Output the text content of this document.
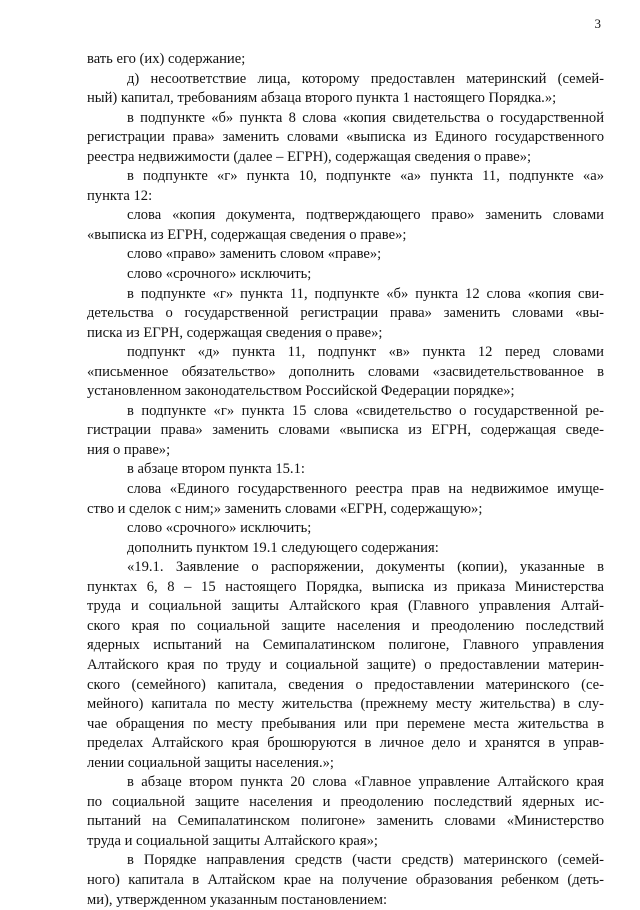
3
вать его (их) содержание;
д) несоответствие лица, которому предоставлен материнский (семей-
ный) капитал, требованиям абзаца второго пункта 1 настоящего Порядка.»;
в подпункте «б» пункта 8 слова «копия свидетельства о государственной
регистрации права» заменить словами «выписка из Единого государственного
реестра недвижимости (далее – ЕГРН), содержащая сведения о праве»;
в подпункте «г» пункта 10, подпункте «а» пункта 11, подпункте «а»
пункта 12:
слова «копия документа, подтверждающего право» заменить словами
«выписка из ЕГРН, содержащая сведения о праве»;
слово «право» заменить словом «праве»;
слово «срочного» исключить;
в подпункте «г» пункта 11, подпункте «б» пункта 12 слова «копия сви-
детельства о государственной регистрации права» заменить словами «вы-
писка из ЕГРН, содержащая сведения о праве»;
подпункт «д» пункта 11, подпункт «в» пункта 12 перед словами
«письменное обязательство» дополнить словами «засвидетельствованное в
установленном законодательством Российской Федерации порядке»;
в подпункте «г» пункта 15 слова «свидетельство о государственной ре-
гистрации права» заменить словами «выписка из ЕГРН, содержащая сведе-
ния о праве»;
в абзаце втором пункта 15.1:
слова «Единого государственного реестра прав на недвижимое имуще-
ство и сделок с ним;» заменить словами «ЕГРН, содержащую»;
слово «срочного» исключить;
дополнить пунктом 19.1 следующего содержания:
«19.1. Заявление о распоряжении, документы (копии), указанные в
пунктах 6, 8 – 15 настоящего Порядка, выписка из приказа Министерства
труда и социальной защиты Алтайского края (Главного управления Алтай-
ского края по социальной защите населения и преодолению последствий
ядерных испытаний на Семипалатинском полигоне, Главного управления
Алтайского края по труду и социальной защите) о предоставлении материн-
ского (семейного) капитала, сведения о предоставлении материнского (се-
мейного) капитала по месту жительства (прежнему месту жительства) в слу-
чае обращения по месту пребывания или при перемене места жительства в
пределах Алтайского края брошюруются в личное дело и хранятся в управ-
лении социальной защиты населения.»;
в абзаце втором пункта 20 слова «Главное управление Алтайского края
по социальной защите населения и преодолению последствий ядерных ис-
пытаний на Семипалатинском полигоне» заменить словами «Министерство
труда и социальной защиты Алтайского края»;
в Порядке направления средств (части средств) материнского (семей-
ного) капитала в Алтайском крае на получение образования ребенком (деть-
ми), утвержденном указанным постановлением:
